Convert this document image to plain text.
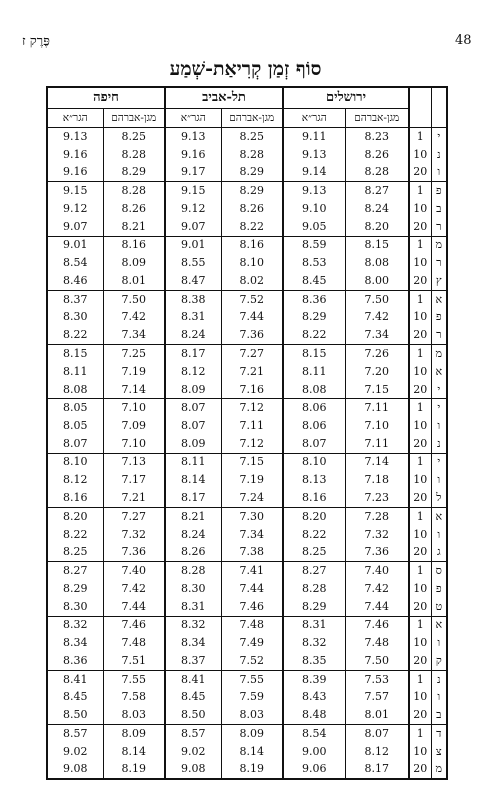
48
פֶּרֶק ז
סוֹף זְמַן קְרִיאַת-שְׁמַע
		ירושלים		תל-אביב		חיפה	
		מגן-אברהם	הגר״א	מגן-אברהם	הגר״א	מגן-אברהם	הגר״א
י	1	8.23	9.11	8.25	9.13	8.25	9.13
נ	10	8.26	9.13	8.28	9.16	8.28	9.16
ו	20	8.28	9.14	8.29	9.17	8.29	9.16
פ	1	8.27	9.13	8.29	9.15	8.28	9.15
ב	10	8.24	9.10	8.26	9.12	8.26	9.12
ר	20	8.20	9.05	8.22	9.07	8.21	9.07
מ	1	8.15	8.59	8.16	9.01	8.16	9.01
ר	10	8.08	8.53	8.10	8.55	8.09	8.54
ץ	20	8.00	8.45	8.02	8.47	8.01	8.46
א	1	7.50	8.36	7.52	8.38	7.50	8.37
פ	10	7.42	8.29	7.44	8.31	7.42	8.30
ר	20	7.34	8.22	7.36	8.24	7.34	8.22
מ	1	7.26	8.15	7.27	8.17	7.25	8.15
א	10	7.20	8.11	7.21	8.12	7.19	8.11
י	20	7.15	8.08	7.16	8.09	7.14	8.08
י	1	7.11	8.06	7.12	8.07	7.10	8.05
ו	10	7.10	8.06	7.11	8.07	7.09	8.05
נ	20	7.11	8.07	7.12	8.09	7.10	8.07
י	1	7.14	8.10	7.15	8.11	7.13	8.10
ו	10	7.18	8.13	7.19	8.14	7.17	8.12
ל	20	7.23	8.16	7.24	8.17	7.21	8.16
א	1	7.28	8.20	7.30	8.21	7.27	8.20
ו	10	7.32	8.22	7.34	8.24	7.32	8.22
ג	20	7.36	8.25	7.38	8.26	7.36	8.25
ס	1	7.40	8.27	7.41	8.28	7.40	8.27
פ	10	7.42	8.28	7.44	8.30	7.42	8.29
ט	20	7.44	8.29	7.46	8.31	7.44	8.30
א	1	7.46	8.31	7.48	8.32	7.46	8.32
ו	10	7.48	8.32	7.49	8.34	7.48	8.34
ק	20	7.50	8.35	7.52	8.37	7.51	8.36
נ	1	7.53	8.39	7.55	8.41	7.55	8.41
ו	10	7.57	8.43	7.59	8.45	7.58	8.45
ב	20	8.01	8.48	8.03	8.50	8.03	8.50
ד	1	8.07	8.54	8.09	8.57	8.09	8.57
צ	10	8.12	9.00	8.14	9.02	8.14	9.02
מ	20	8.17	9.06	8.19	9.08	8.19	9.08
